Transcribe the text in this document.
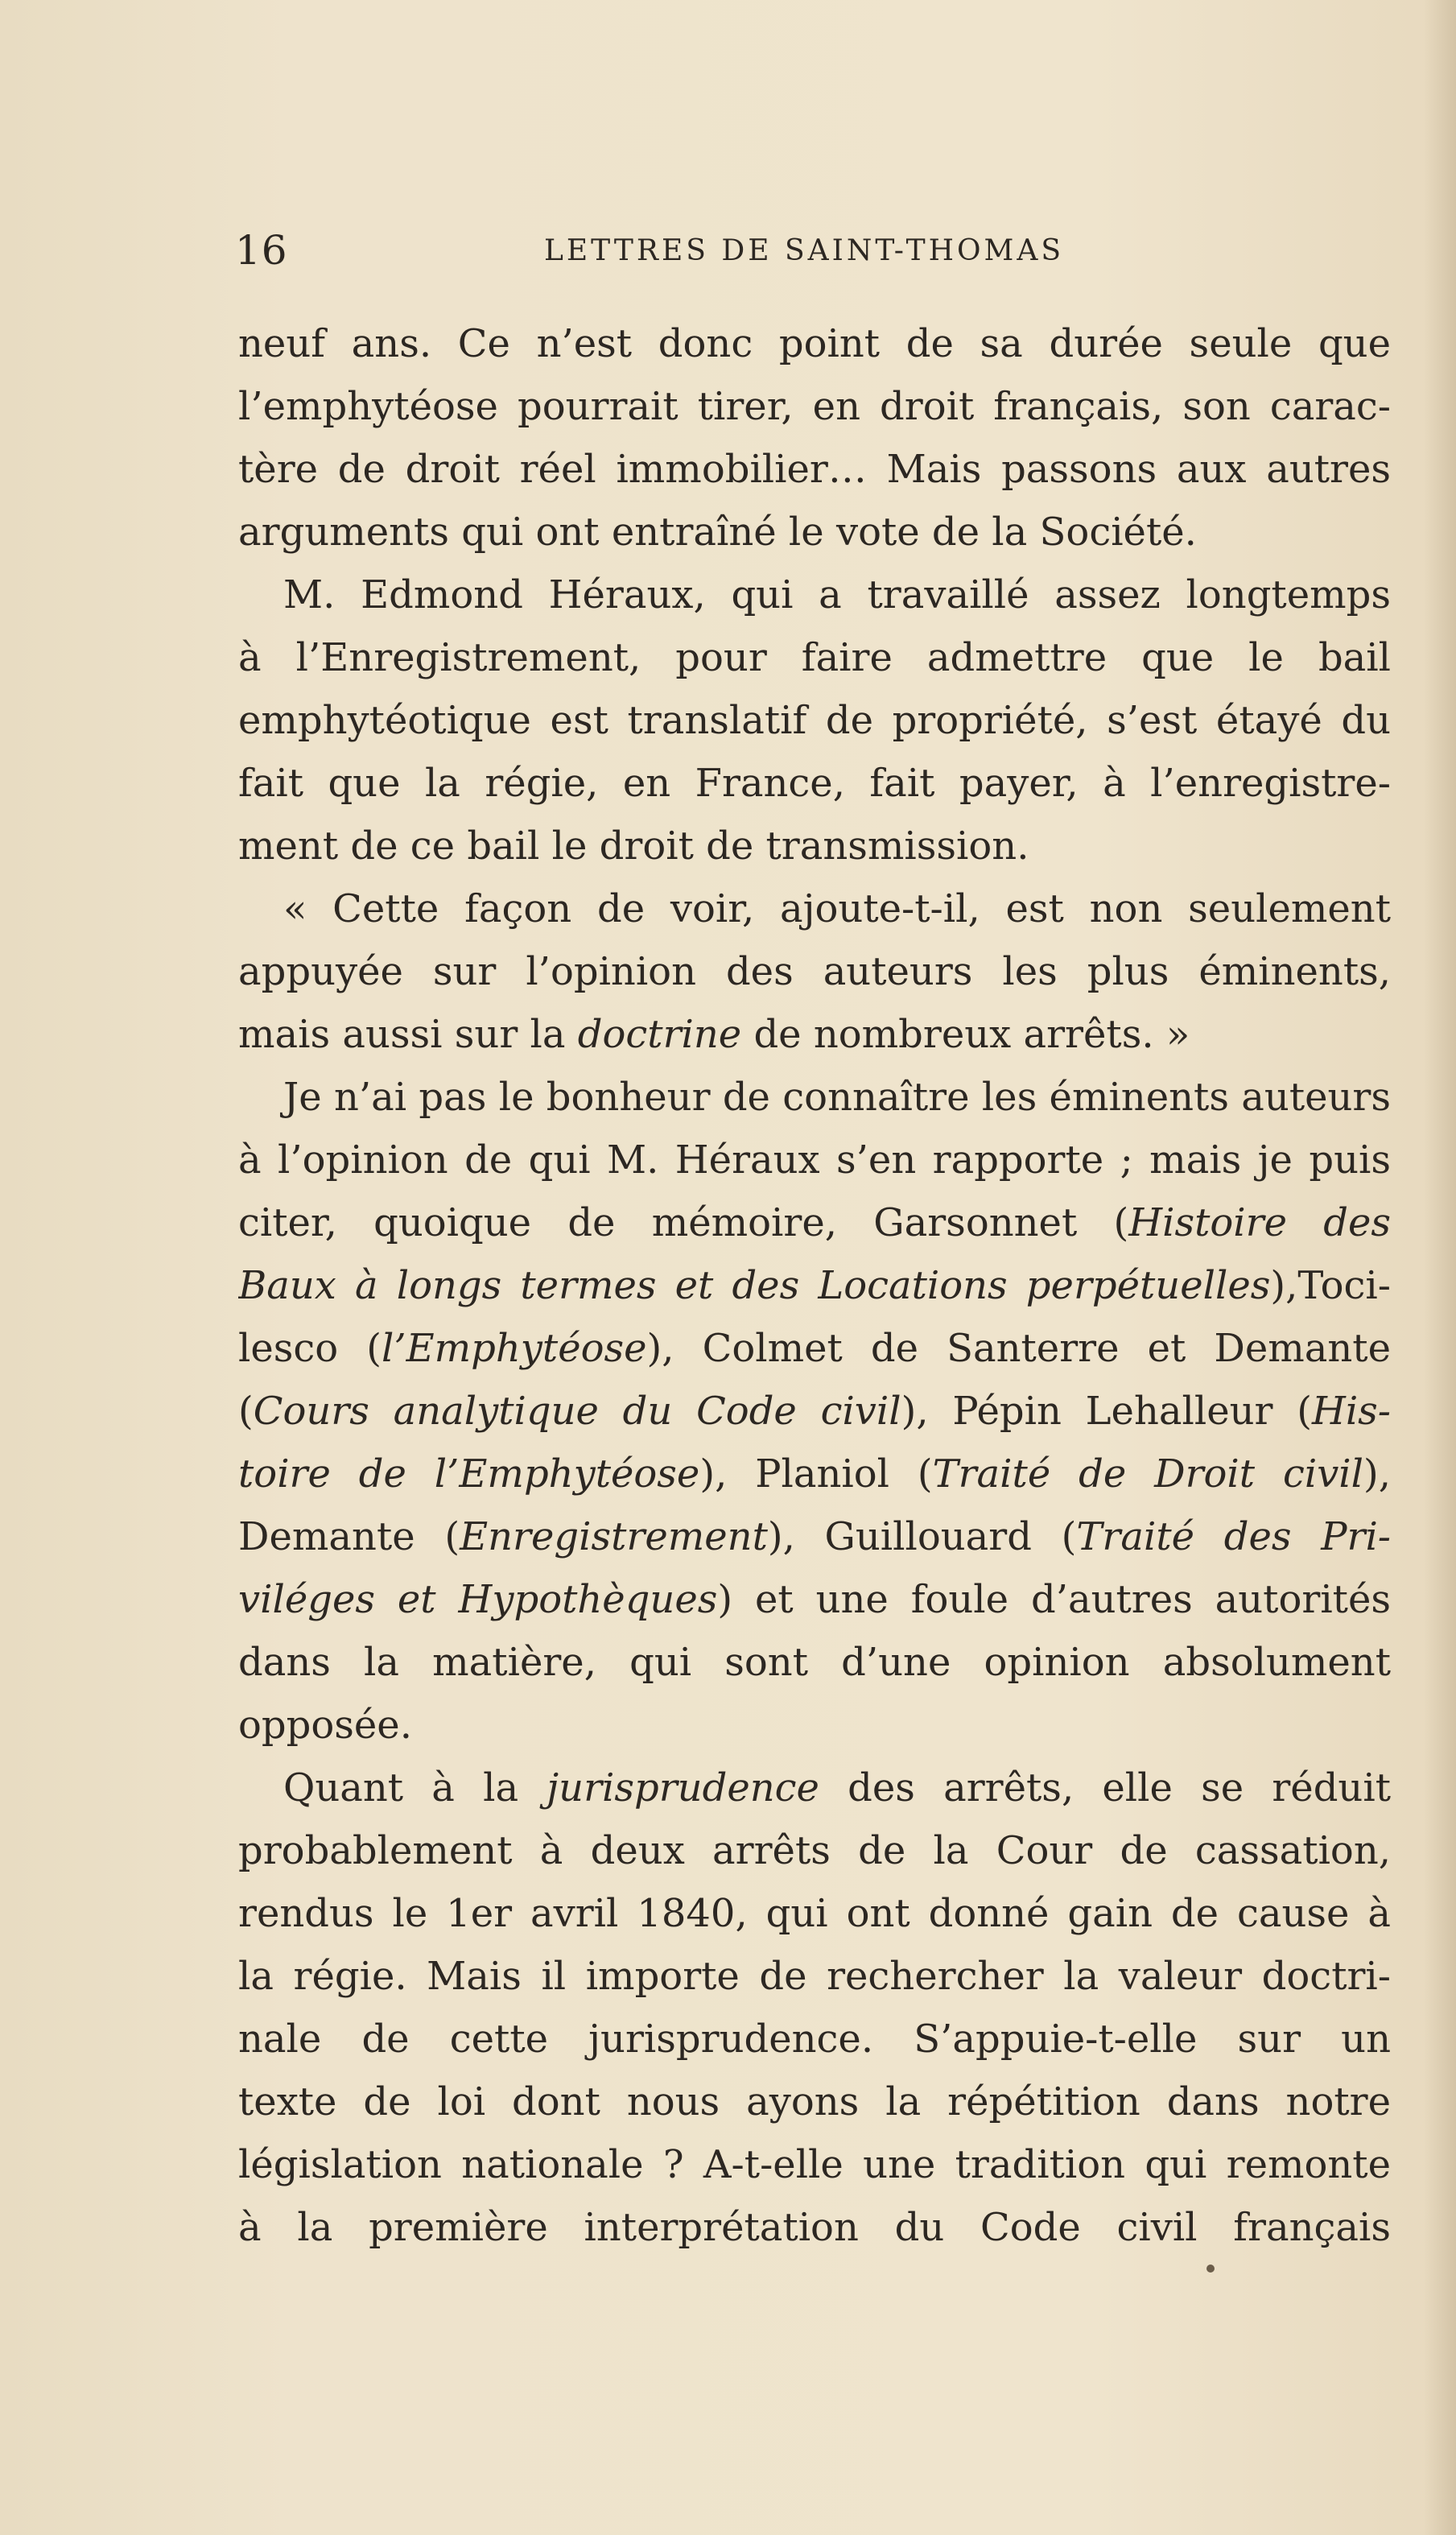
16	LETTRES DE SAINT-THOMAS
neuf ans. Ce n’est donc point de sa durée seule que
l’emphytéose pourrait tirer, en droit français, son carac-
tère de droit réel immobilier… Mais passons aux autres
arguments qui ont entraîné le vote de la Société.
M. Edmond Héraux, qui a travaillé assez longtemps
à l’Enregistrement, pour faire admettre que le bail
emphytéotique est translatif de propriété, s’est étayé du
fait que la régie, en France, fait payer, à l’enregistre-
ment de ce bail le droit de transmission.
« Cette façon de voir, ajoute-t-il, est non seulement
appuyée sur l’opinion des auteurs les plus éminents,
mais aussi sur la doctrine de nombreux arrêts. »
Je n’ai pas le bonheur de connaître les éminents auteurs
à l’opinion de qui M. Héraux s’en rapporte ; mais je puis
citer, quoique de mémoire, Garsonnet (Histoire des
Baux à longs termes et des Locations perpétuelles),Toci-
lesco (l’Emphytéose), Colmet de Santerre et Demante
(Cours analytique du Code civil), Pépin Lehalleur (His-
toire de l’Emphytéose), Planiol (Traité de Droit civil),
Demante (Enregistrement), Guillouard (Traité des Pri-
viléges et Hypothèques) et une foule d’autres autorités
dans la matière, qui sont d’une opinion absolument
opposée.
Quant à la jurisprudence des arrêts, elle se réduit
probablement à deux arrêts de la Cour de cassation,
rendus le 1er avril 1840, qui ont donné gain de cause à
la régie. Mais il importe de rechercher la valeur doctri-
nale de cette jurisprudence. S’appuie-t-elle sur un
texte de loi dont nous ayons la répétition dans notre
législation nationale ? A-t-elle une tradition qui remonte
à la première interprétation du Code civil français
